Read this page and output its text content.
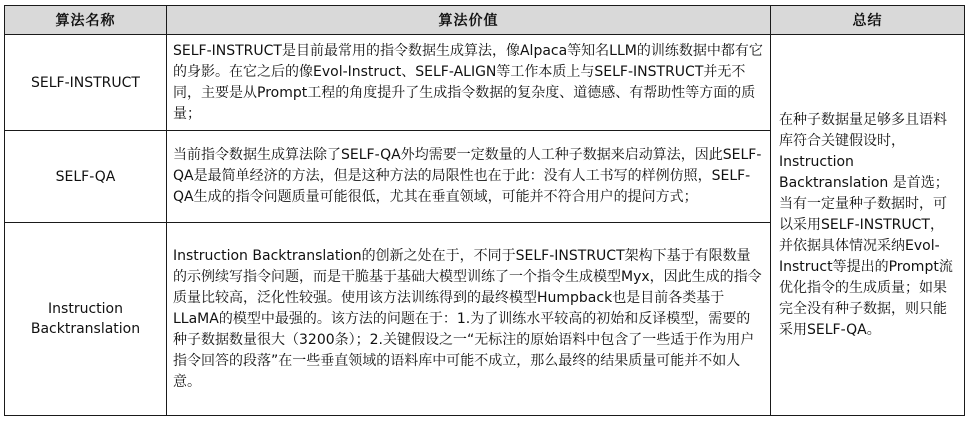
算法名称	算法价值	总结

SELF-INSTRUCT	SELF-INSTRUCT是目前最常用的指令数据生成算法，像Alpaca等知名LLM的训练数据中都有它的身影。在它之后的像Evol-Instruct、SELF-ALIGN等工作本质上与SELF-INSTRUCT并无不同，主要是从Prompt工程的角度提升了生成指令数据的复杂度、道德感、有帮助性等方面的质量；	在种子数据量足够多且语料库符合关键假设时，Instruction Backtranslation 是首选；当有一定量种子数据时，可以采用SELF-INSTRUCT，并依据具体情况采纳Evol-Instruct等提出的Prompt流优化指令的生成质量；如果完全没有种子数据，则只能采用SELF-QA。

SELF-QA	当前指令数据生成算法除了SELF-QA外均需要一定数量的人工种子数据来启动算法，因此SELF-QA是最简单经济的方法，但是这种方法的局限性也在于此：没有人工书写的样例仿照，SELF-QA生成的指令问题质量可能很低，尤其在垂直领域，可能并不符合用户的提问方式；	

Instruction
Backtranslation	Instruction Backtranslation的创新之处在于，不同于SELF-INSTRUCT架构下基于有限数量的示例续写指令问题，而是干脆基于基础大模型训练了一个指令生成模型Myx，因此生成的指令质量比较高，泛化性较强。使用该方法训练得到的最终模型Humpback也是目前各类基于LLaMA的模型中最强的。该方法的问题在于：1.为了训练水平较高的初始和反译模型，需要的种子数据数量很大（3200条）；2.关键假设之一“无标注的原始语料中包含了一些适于作为用户指令回答的段落”在一些垂直领域的语料库中可能不成立，那么最终的结果质量可能并不如人意。	
